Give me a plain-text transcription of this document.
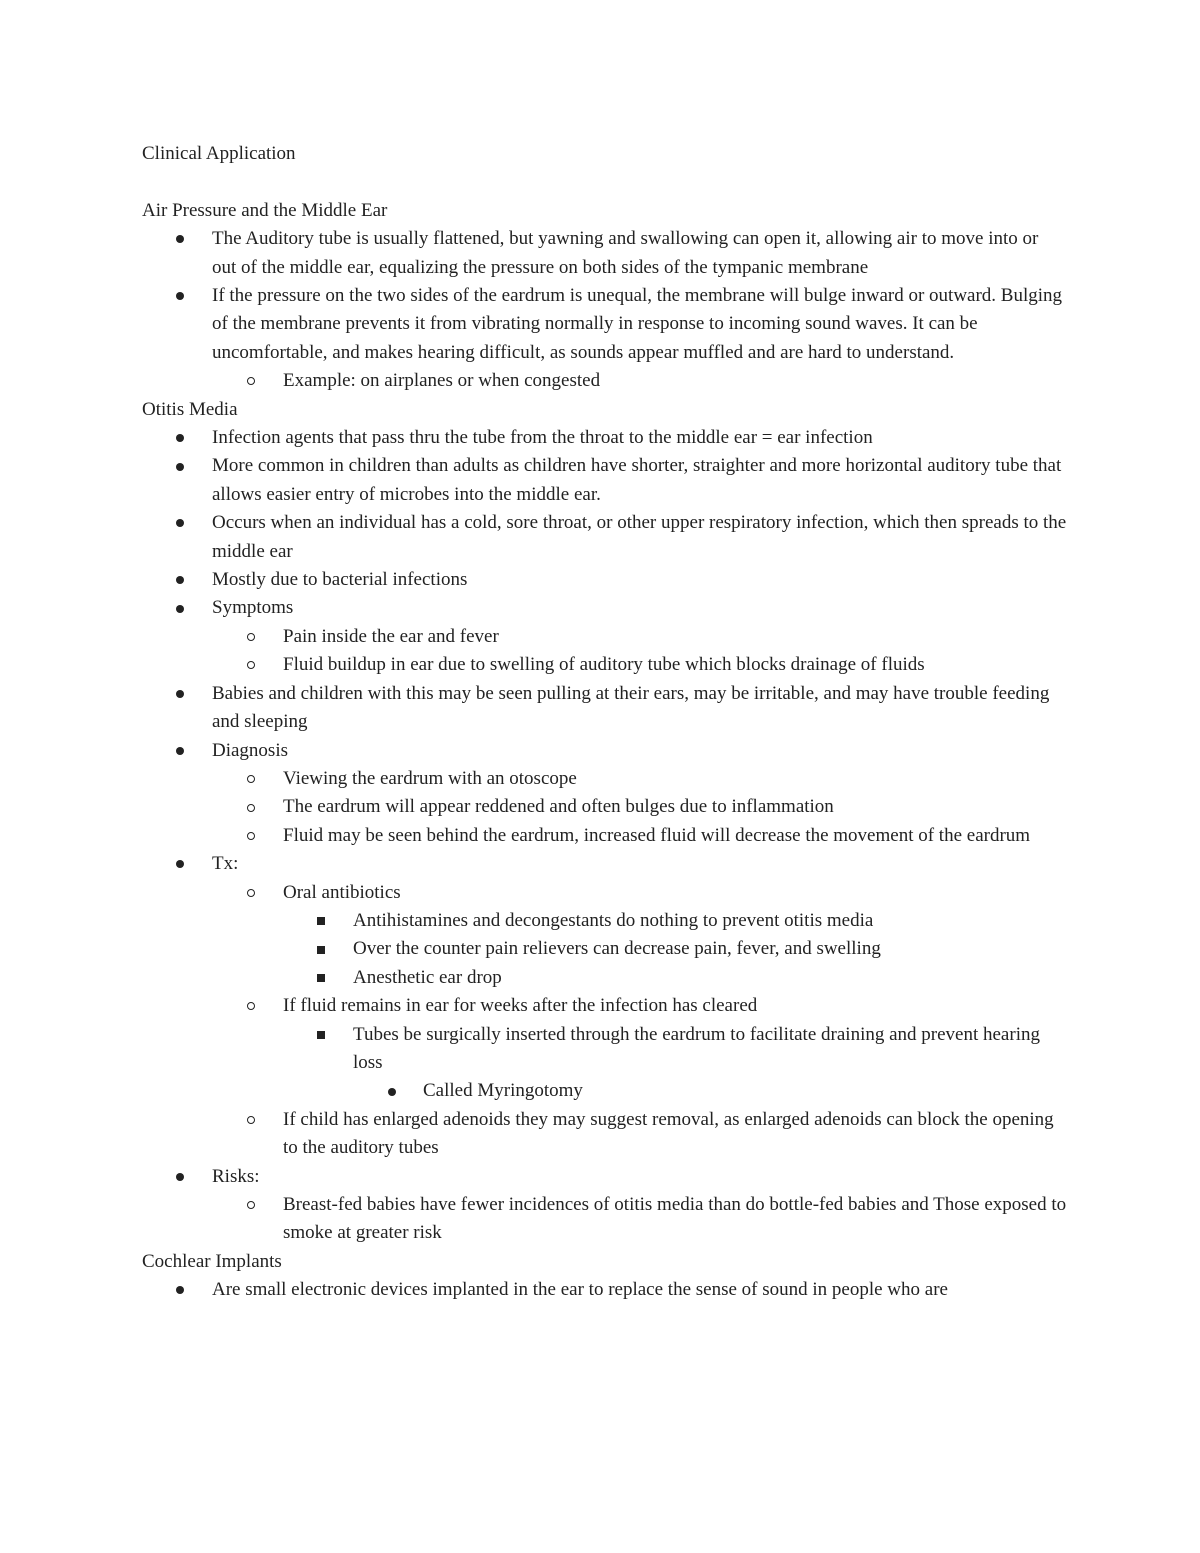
Clinical Application

Air Pressure and the Middle Ear

The Auditory tube is usually flattened, but yawning and swallowing can open it, allowing air to move into or out of the middle ear, equalizing the pressure on both sides of the tympanic membrane
If the pressure on the two sides of the eardrum is unequal, the membrane will bulge inward or outward. Bulging of the membrane prevents it from vibrating normally in response to incoming sound waves. It can be uncomfortable, and makes hearing difficult, as sounds appear muffled and are hard to understand.
Example: on airplanes or when congested

Otitis Media

Infection agents that pass thru the tube from the throat to the middle ear = ear infection
More common in children than adults as children have shorter, straighter and more horizontal auditory tube that allows easier entry of microbes into the middle ear.
Occurs when an individual has a cold, sore throat, or other upper respiratory infection, which then spreads to the middle ear
Mostly due to bacterial infections
Symptoms
Pain inside the ear and fever
Fluid buildup in ear due to swelling of auditory tube which blocks drainage of fluids
Babies and children with this may be seen pulling at their ears, may be irritable, and may have trouble feeding and sleeping
Diagnosis
Viewing the eardrum with an otoscope
The eardrum will appear reddened and often bulges due to inflammation
Fluid may be seen behind the eardrum, increased fluid will decrease the movement of the eardrum
Tx:
Oral antibiotics
Antihistamines and decongestants do nothing to prevent otitis media
Over the counter pain relievers can decrease pain, fever, and swelling
Anesthetic ear drop
If fluid remains in ear for weeks after the infection has cleared
Tubes be surgically inserted through the eardrum to facilitate draining and prevent hearing loss
Called Myringotomy
If child has enlarged adenoids they may suggest removal, as enlarged adenoids can block the opening to the auditory tubes
Risks:
Breast-fed babies have fewer incidences of otitis media than do bottle-fed babies and Those exposed to smoke at greater risk

Cochlear Implants

Are small electronic devices implanted in the ear to replace the sense of sound in people who are
